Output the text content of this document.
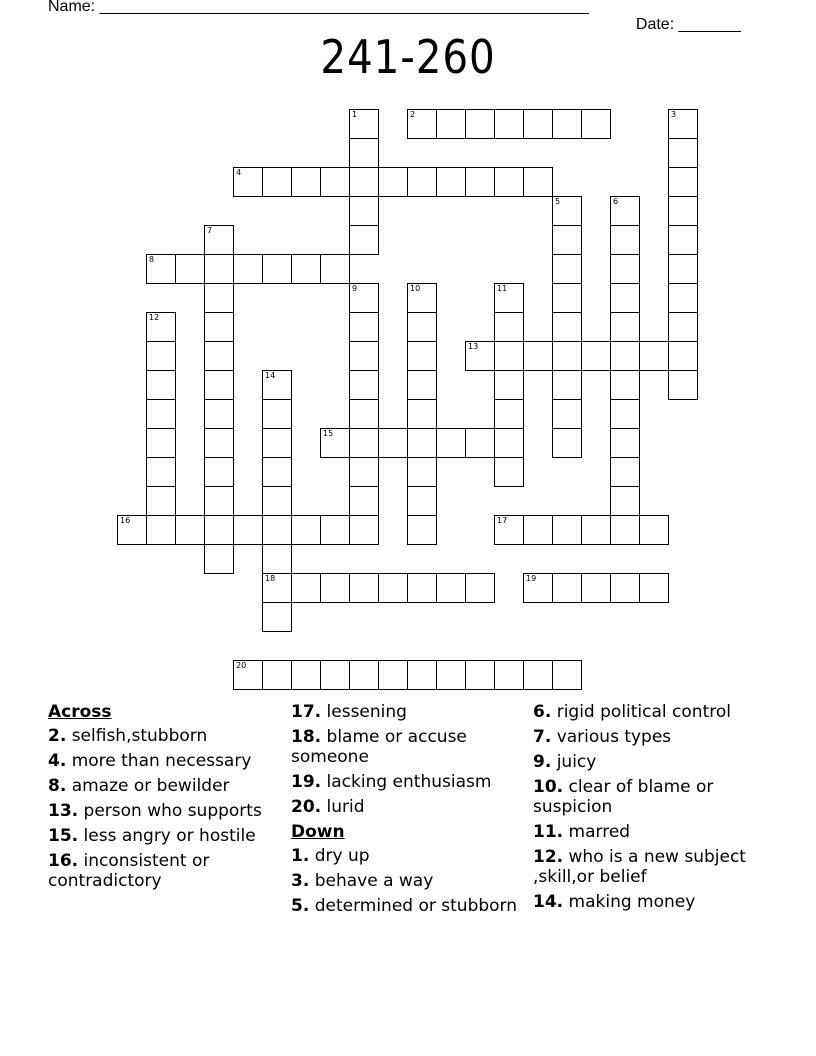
Name: _______________________________________________________

Date: _______

241-260
1	2	3
4
5	6
7
8
9	10	11
12
13
14
18
15
16	17
19
20
Across
2. selfish,stubborn
4. more than necessary
8. amaze or bewilder
13. person who supports
15. less angry or hostile
16. inconsistent or contradictory
17. lessening
18. blame or accuse someone
19. lacking enthusiasm
20. lurid
Down
1. dry up
3. behave a way
5. determined or stubborn
6. rigid political control
7. various types
9. juicy
10. clear of blame or suspicion
11. marred
12. who is a new subject ,skill,or belief
14. making money
